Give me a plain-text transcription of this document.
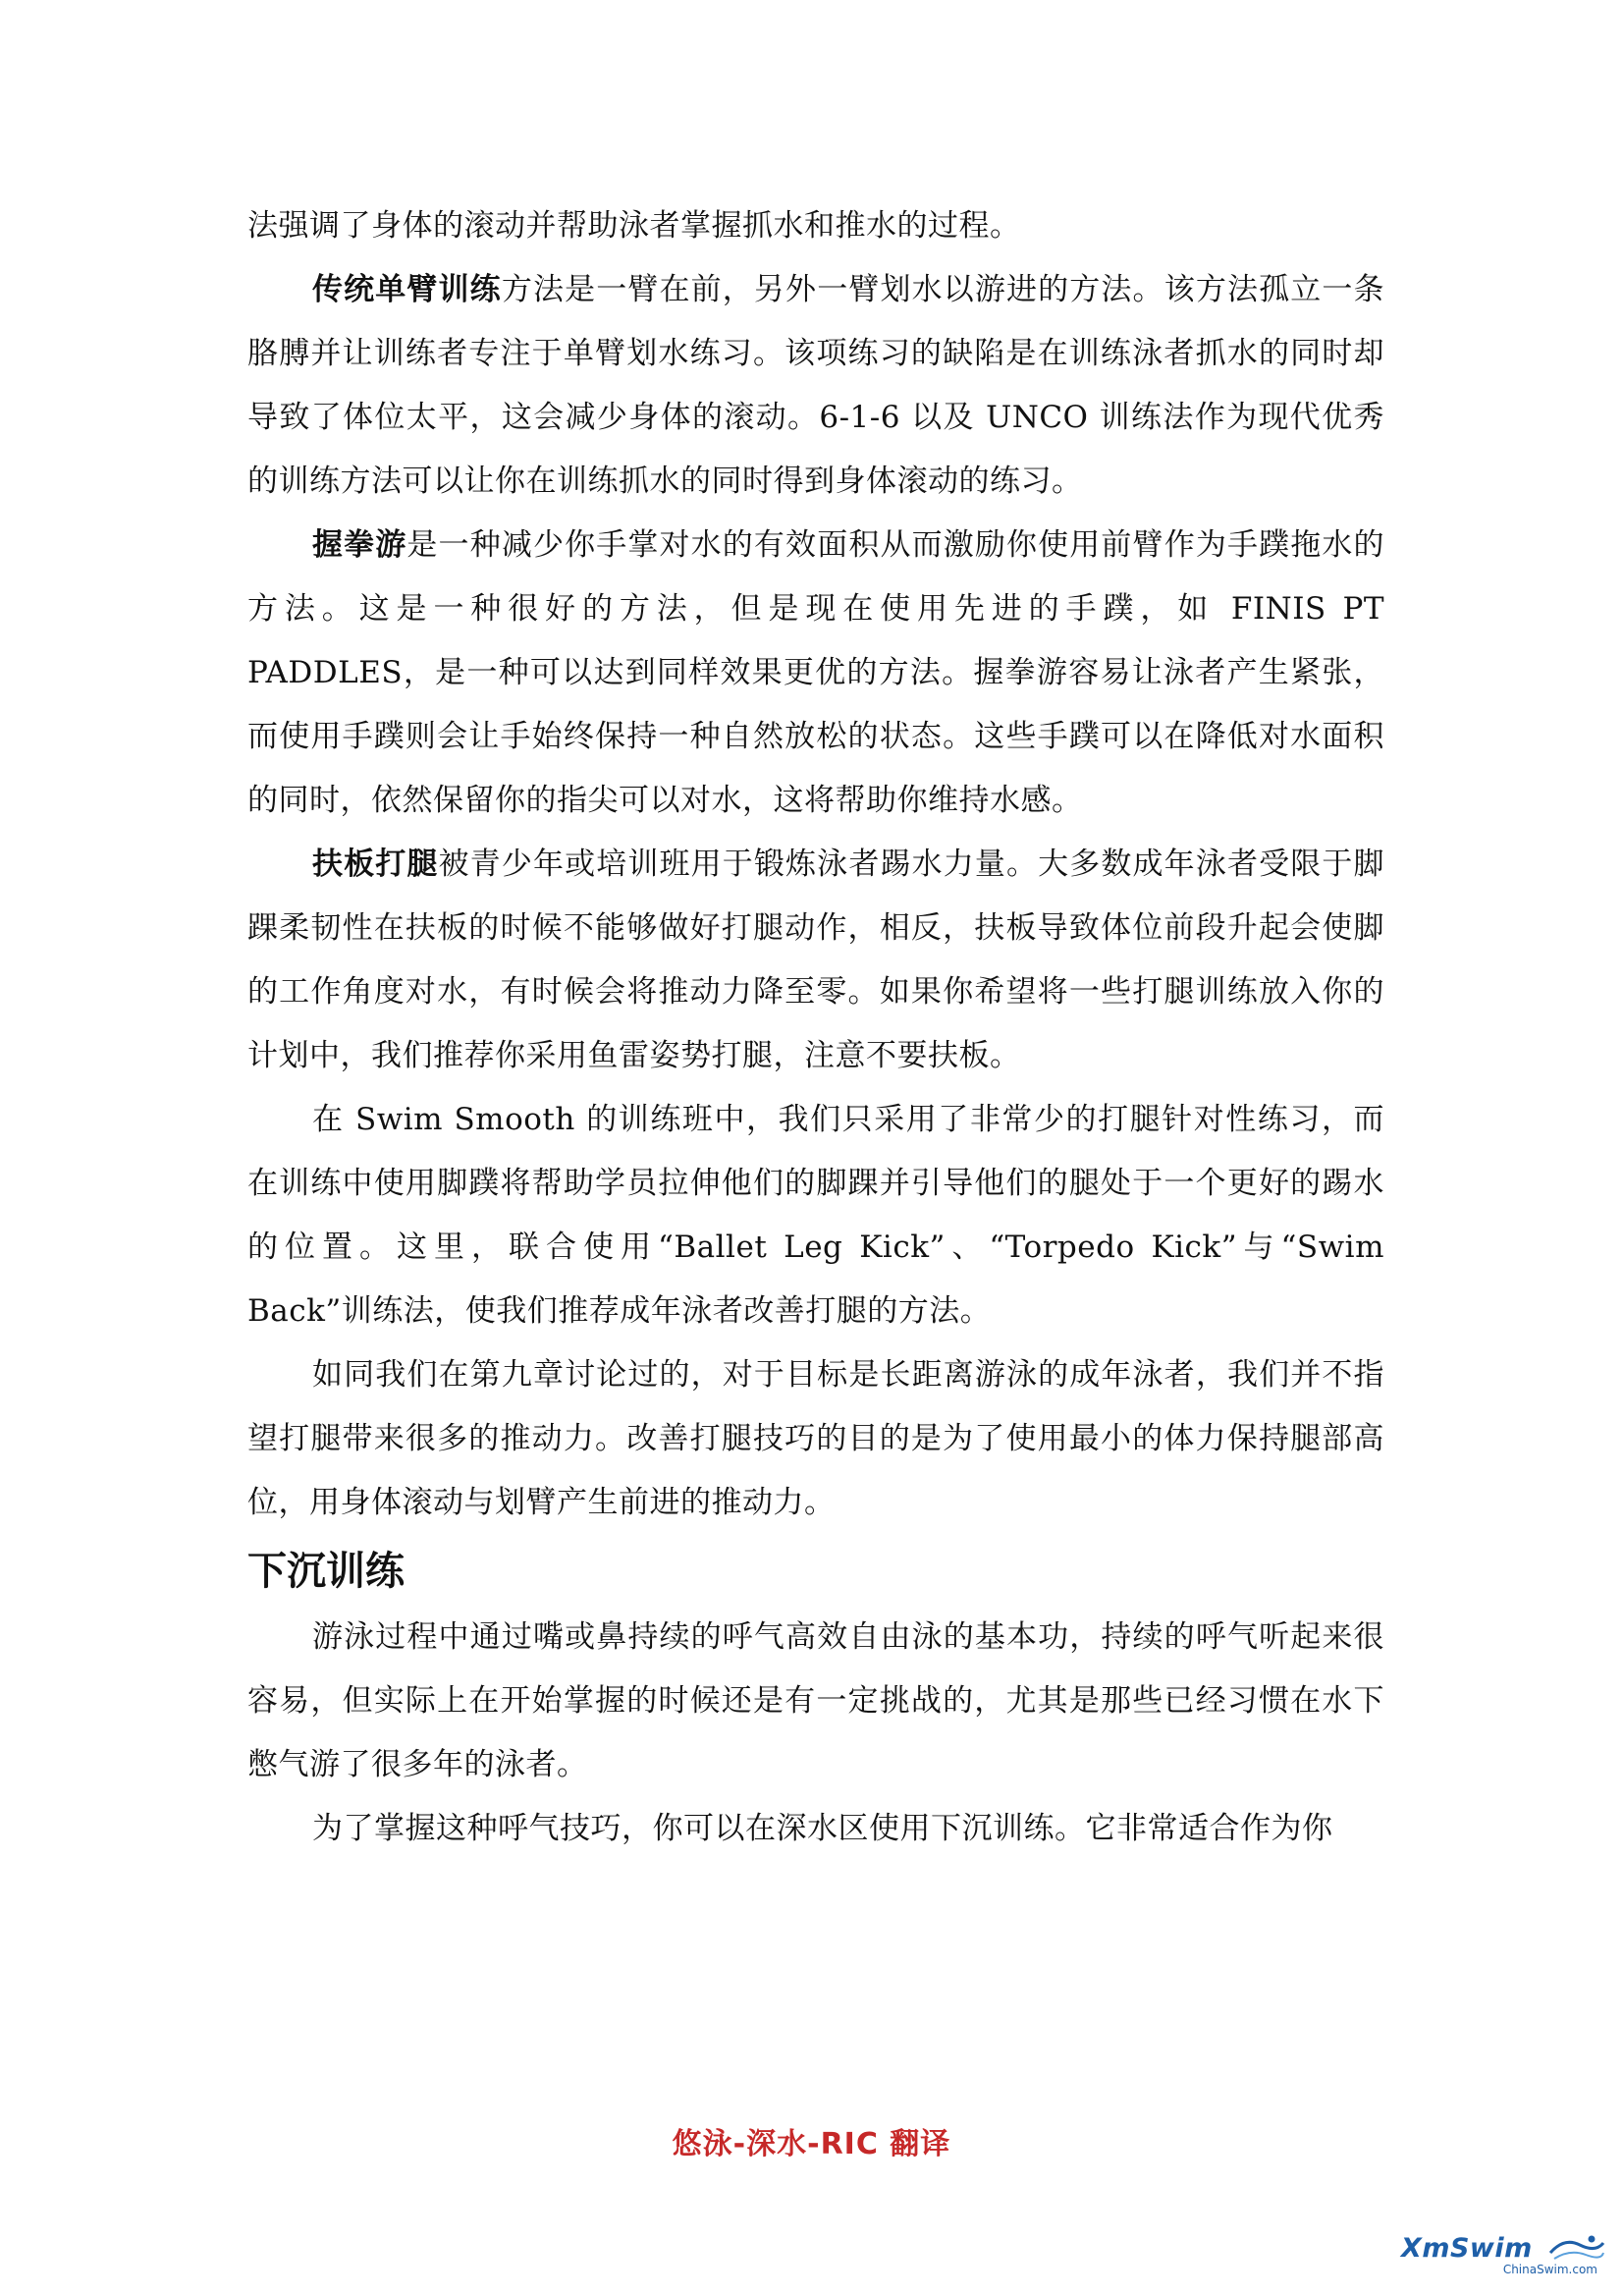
法强调了身体的滚动并帮助泳者掌握抓水和推水的过程。

传统单臂训练方法是一臂在前，另外一臂划水以游进的方法。该方法孤立一条胳膊并让训练者专注于单臂划水练习。该项练习的缺陷是在训练泳者抓水的同时却导致了体位太平，这会减少身体的滚动。6-1-6 以及 UNCO 训练法作为现代优秀的训练方法可以让你在训练抓水的同时得到身体滚动的练习。

握拳游是一种减少你手掌对水的有效面积从而激励你使用前臂作为手蹼拖水的方法。这是一种很好的方法，但是现在使用先进的手蹼，如 FINIS PT PADDLES，是一种可以达到同样效果更优的方法。握拳游容易让泳者产生紧张，而使用手蹼则会让手始终保持一种自然放松的状态。这些手蹼可以在降低对水面积的同时，依然保留你的指尖可以对水，这将帮助你维持水感。

扶板打腿被青少年或培训班用于锻炼泳者踢水力量。大多数成年泳者受限于脚踝柔韧性在扶板的时候不能够做好打腿动作，相反，扶板导致体位前段升起会使脚的工作角度对水，有时候会将推动力降至零。如果你希望将一些打腿训练放入你的计划中，我们推荐你采用鱼雷姿势打腿，注意不要扶板。

在 Swim Smooth 的训练班中，我们只采用了非常少的打腿针对性练习，而在训练中使用脚蹼将帮助学员拉伸他们的脚踝并引导他们的腿处于一个更好的踢水的位置。这里，联合使用“Ballet Leg Kick”、“Torpedo Kick”与“Swim Back”训练法，使我们推荐成年泳者改善打腿的方法。

如同我们在第九章讨论过的，对于目标是长距离游泳的成年泳者，我们并不指望打腿带来很多的推动力。改善打腿技巧的目的是为了使用最小的体力保持腿部高位，用身体滚动与划臂产生前进的推动力。

下沉训练

游泳过程中通过嘴或鼻持续的呼气高效自由泳的基本功，持续的呼气听起来很容易，但实际上在开始掌握的时候还是有一定挑战的，尤其是那些已经习惯在水下憋气游了很多年的泳者。

为了掌握这种呼气技巧，你可以在深水区使用下沉训练。它非常适合作为你

悠泳-深水-RIC 翻译
XmSwim
ChinaSwim.com
